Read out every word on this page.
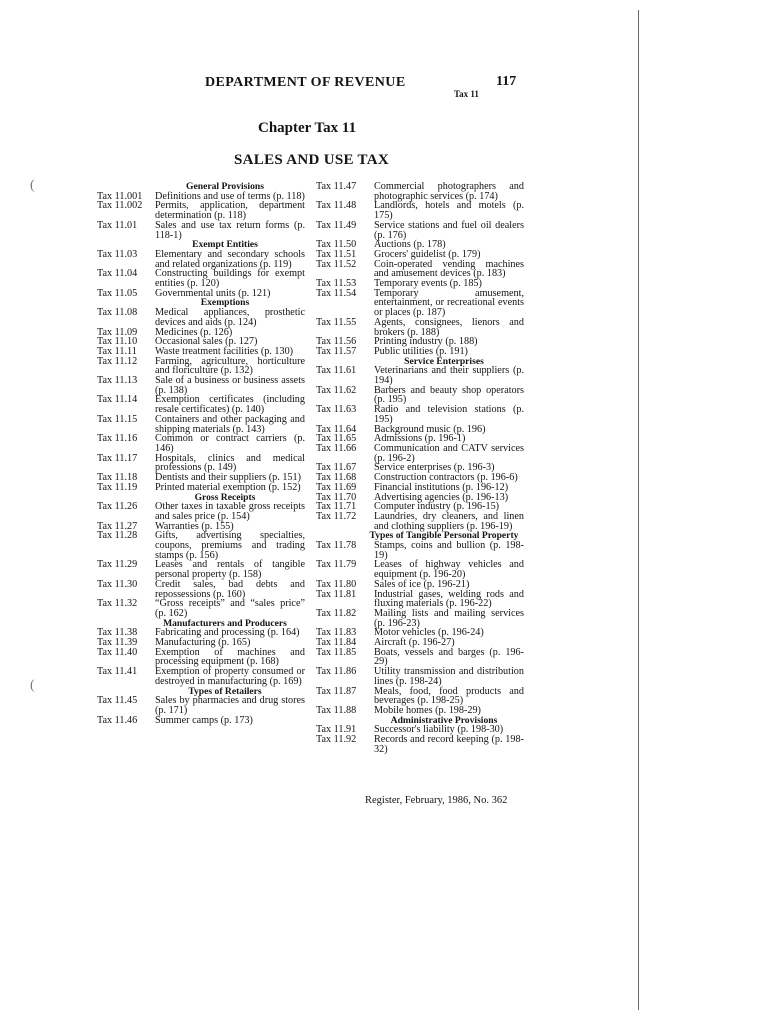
(
(
DEPARTMENT OF REVENUE	117
Tax 11
Chapter Tax 11
SALES AND USE TAX
General Provisions
Tax 11.001	Definitions and use of terms (p. 118)
Tax 11.002	Permits, application, department determination (p. 118)
Tax 11.01	Sales and use tax return forms (p. 118-1)
Exempt Entities
Tax 11.03	Elementary and secondary schools and related organizations (p. 119)
Tax 11.04	Constructing buildings for exempt entities (p. 120)
Tax 11.05	Governmental units (p. 121)
Exemptions
Tax 11.08	Medical appliances, prosthetic devices and aids (p. 124)
Tax 11.09	Medicines (p. 126)
Tax 11.10	Occasional sales (p. 127)
Tax 11.11	Waste treatment facilities (p. 130)
Tax 11.12	Farming, agriculture, horticulture and floriculture (p. 132)
Tax 11.13	Sale of a business or business assets (p. 138)
Tax 11.14	Exemption certificates (including resale certificates) (p. 140)
Tax 11.15	Containers and other packaging and shipping materials (p. 143)
Tax 11.16	Common or contract carriers (p. 146)
Tax 11.17	Hospitals, clinics and medical professions (p. 149)
Tax 11.18	Dentists and their suppliers (p. 151)
Tax 11.19	Printed material exemption (p. 152)
Gross Receipts
Tax 11.26	Other taxes in taxable gross receipts and sales price (p. 154)
Tax 11.27	Warranties (p. 155)
Tax 11.28	Gifts, advertising specialties, coupons, premiums and trading stamps (p. 156)
Tax 11.29	Leases and rentals of tangible personal property (p. 158)
Tax 11.30	Credit sales, bad debts and repossessions (p. 160)
Tax 11.32	“Gross receipts” and “sales price” (p. 162)
Manufacturers and Producers
Tax 11.38	Fabricating and processing (p. 164)
Tax 11.39	Manufacturing (p. 165)
Tax 11.40	Exemption of machines and processing equipment (p. 168)
Tax 11.41	Exemption of property consumed or destroyed in manufacturing (p. 169)
Types of Retailers
Tax 11.45	Sales by pharmacies and drug stores (p. 171)
Tax 11.46	Summer camps (p. 173)
Tax 11.47	Commercial photographers and photographic services (p. 174)
Tax 11.48	Landlords, hotels and motels (p. 175)
Tax 11.49	Service stations and fuel oil dealers (p. 176)
Tax 11.50	Auctions (p. 178)
Tax 11.51	Grocers' guidelist (p. 179)
Tax 11.52	Coin-operated vending machines and amusement devices (p. 183)
Tax 11.53	Temporary events (p. 185)
Tax 11.54	Temporary amusement, entertainment, or recreational events or places (p. 187)
Tax 11.55	Agents, consignees, lienors and brokers (p. 188)
Tax 11.56	Printing industry (p. 188)
Tax 11.57	Public utilities (p. 191)
Service Enterprises
Tax 11.61	Veterinarians and their suppliers (p. 194)
Tax 11.62	Barbers and beauty shop operators (p. 195)
Tax 11.63	Radio and television stations (p. 195)
Tax 11.64	Background music (p. 196)
Tax 11.65	Admissions (p. 196-1)
Tax 11.66	Communication and CATV services (p. 196-2)
Tax 11.67	Service enterprises (p. 196-3)
Tax 11.68	Construction contractors (p. 196-6)
Tax 11.69	Financial institutions (p. 196-12)
Tax 11.70	Advertising agencies (p. 196-13)
Tax 11.71	Computer industry (p. 196-15)
Tax 11.72	Laundries, dry cleaners, and linen and clothing suppliers (p. 196-19)
Types of Tangible Personal Property
Tax 11.78	Stamps, coins and bullion (p. 198-19)
Tax 11.79	Leases of highway vehicles and equipment (p. 196-20)
Tax 11.80	Sales of ice (p. 196-21)
Tax 11.81	Industrial gases, welding rods and fluxing materials (p. 196-22)
Tax 11.82	Mailing lists and mailing services (p. 196-23)
Tax 11.83	Motor vehicles (p. 196-24)
Tax 11.84	Aircraft (p. 196-27)
Tax 11.85	Boats, vessels and barges (p. 196-29)
Tax 11.86	Utility transmission and distribution lines (p. 198-24)
Tax 11.87	Meals, food, food products and beverages (p. 198-25)
Tax 11.88	Mobile homes (p. 198-29)
Administrative Provisions
Tax 11.91	Successor's liability (p. 198-30)
Tax 11.92	Records and record keeping (p. 198-32)
Register, February, 1986, No. 362
